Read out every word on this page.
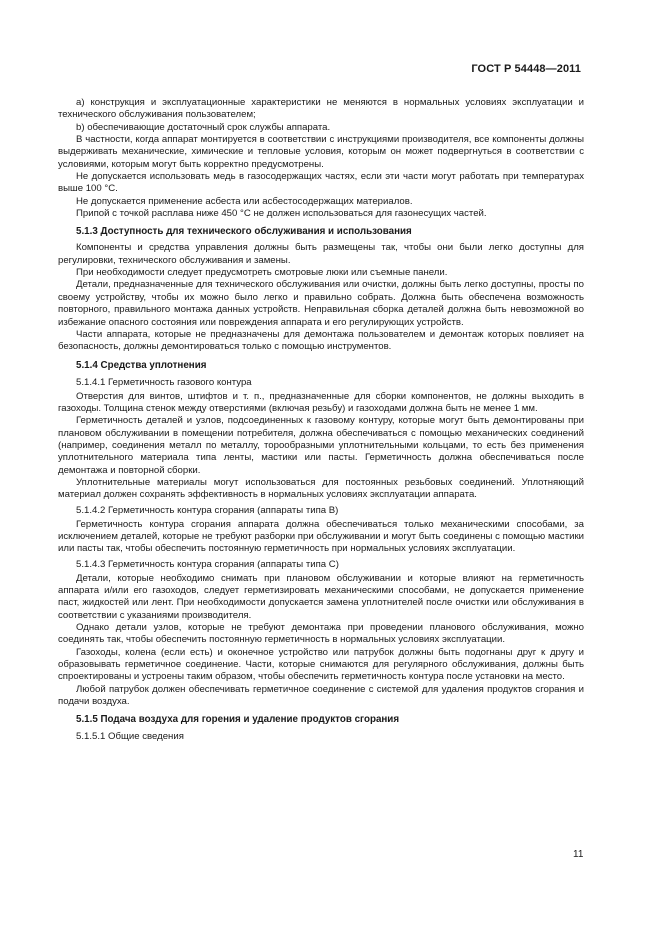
ГОСТ Р 54448—2011

а) конструкция и эксплуатационные характеристики не меняются в нормальных условиях эксплуатации и технического обслуживания пользователем;

b) обеспечивающие достаточный срок службы аппарата.

В частности, когда аппарат монтируется в соответствии с инструкциями производителя, все компоненты должны выдерживать механические, химические и тепловые условия, которым он может подвергнуться в соответствии с условиями, которым могут быть корректно предусмотрены.

Не допускается использовать медь в газосодержащих частях, если эти части могут работать при температурах выше 100 °С.

Не допускается применение асбеста или асбестосодержащих материалов.

Припой с точкой расплава ниже 450 °С не должен использоваться для газонесущих частей.

5.1.3 Доступность для технического обслуживания и использования

Компоненты и средства управления должны быть размещены так, чтобы они были легко доступны для регулировки, технического обслуживания и замены.

При необходимости следует предусмотреть смотровые люки или съемные панели.

Детали, предназначенные для технического обслуживания или очистки, должны быть легко доступны, просты по своему устройству, чтобы их можно было легко и правильно собрать. Должна быть обеспечена возможность повторного, правильного монтажа данных устройств. Неправильная сборка деталей должна быть невозможной во избежание опасного состояния или повреждения аппарата и его регулирующих устройств.

Части аппарата, которые не предназначены для демонтажа пользователем и демонтаж которых повлияет на безопасность, должны демонтироваться только с помощью инструментов.

5.1.4 Средства уплотнения
5.1.4.1 Герметичность газового контура

Отверстия для винтов, штифтов и т. п., предназначенные для сборки компонентов, не должны выходить в газоходы. Толщина стенок между отверстиями (включая резьбу) и газоходами должна быть не менее 1 мм.

Герметичность деталей и узлов, подсоединенных к газовому контуру, которые могут быть демонтированы при плановом обслуживании в помещении потребителя, должна обеспечиваться с помощью механических соединений (например, соединения металл по металлу, торообразными уплотнительными кольцами, то есть без применения уплотнительного материала типа ленты, мастики или пасты. Герметичность должна обеспечиваться после демонтажа и повторной сборки.

Уплотнительные материалы могут использоваться для постоянных резьбовых соединений. Уплотняющий материал должен сохранять эффективность в нормальных условиях эксплуатации аппарата.

5.1.4.2 Герметичность контура сгорания (аппараты типа В)

Герметичность контура сгорания аппарата должна обеспечиваться только механическими способами, за исключением деталей, которые не требуют разборки при обслуживании и могут быть соединены с помощью мастики или пасты так, чтобы обеспечить постоянную герметичность при нормальных условиях эксплуатации.

5.1.4.3 Герметичность контура сгорания (аппараты типа С)

Детали, которые необходимо снимать при плановом обслуживании и которые влияют на герметичность аппарата и/или его газоходов, следует герметизировать механическими способами, не допускается применение паст, жидкостей или лент. При необходимости допускается замена уплотнителей после очистки или обслуживания в соответствии с указаниями производителя.

Однако детали узлов, которые не требуют демонтажа при проведении планового обслуживания, можно соединять так, чтобы обеспечить постоянную герметичность в нормальных условиях эксплуатации.

Газоходы, колена (если есть) и оконечное устройство или патрубок должны быть подогнаны друг к другу и образовывать герметичное соединение. Части, которые снимаются для регулярного обслуживания, должны быть спроектированы и устроены таким образом, чтобы обеспечить герметичность контура после установки на место.

Любой патрубок должен обеспечивать герметичное соединение с системой для удаления продуктов сгорания и подачи воздуха.

5.1.5 Подача воздуха для горения и удаление продуктов сгорания
5.1.5.1 Общие сведения
11
